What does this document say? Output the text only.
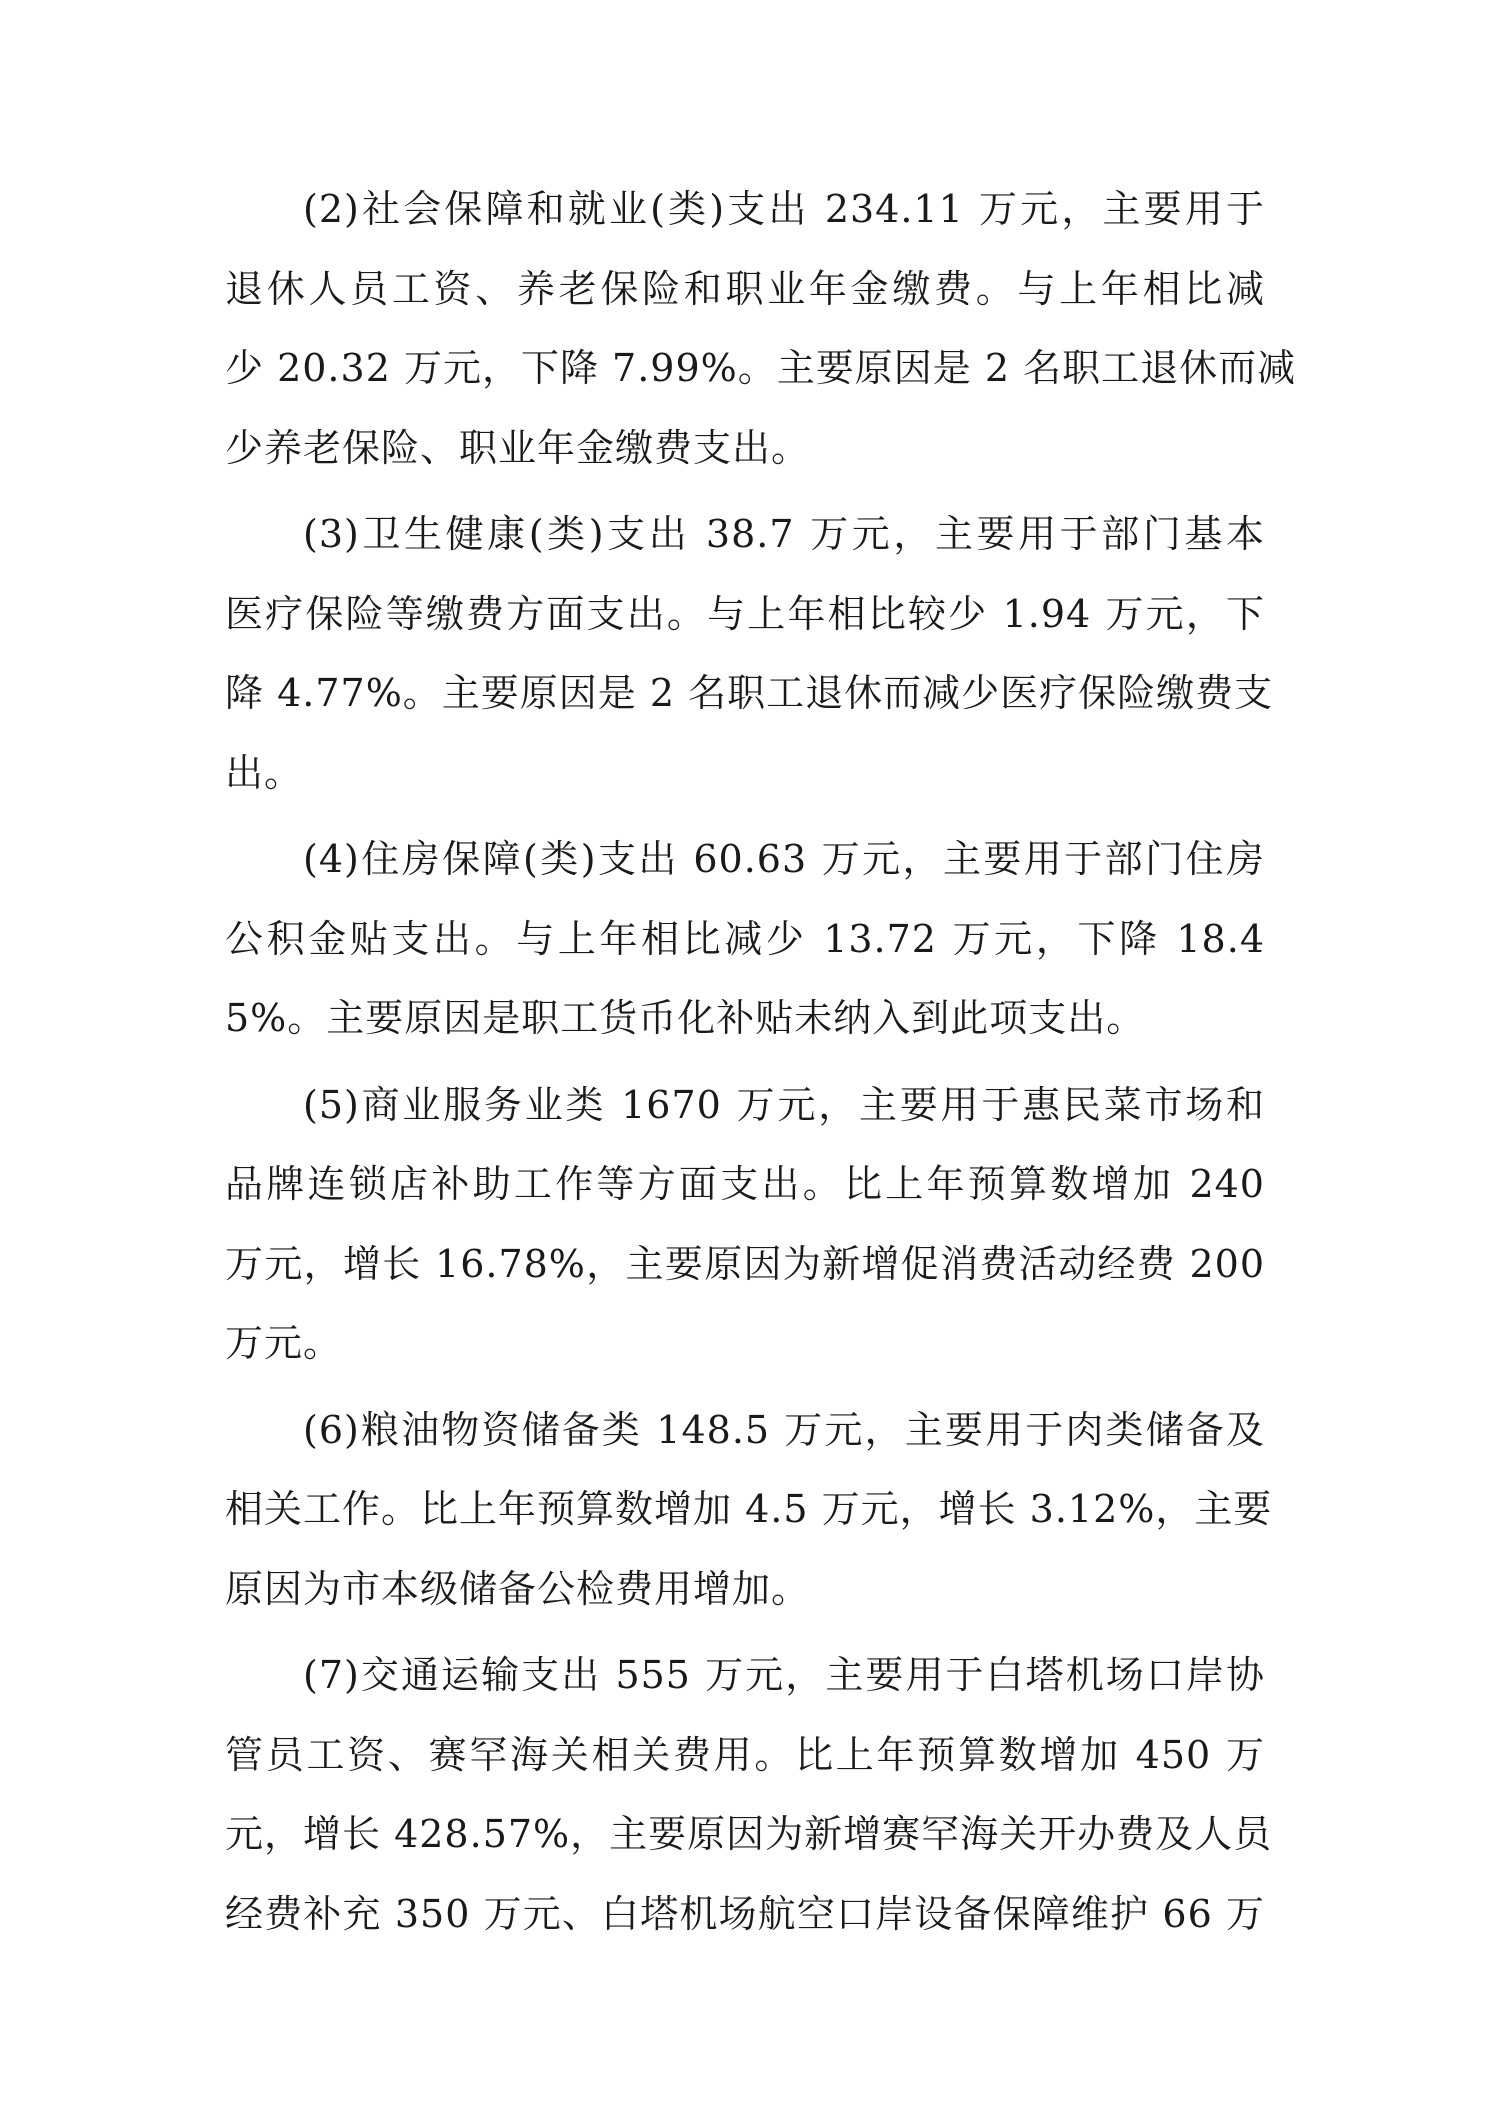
(2)社会保障和就业(类)支出 234.11 万元，主要用于
退休人员工资、养老保险和职业年金缴费。与上年相比减
少 20.32 万元，下降 7.99%。主要原因是 2 名职工退休而减
少养老保险、职业年金缴费支出。

(3)卫生健康(类)支出 38.7 万元，主要用于部门基本
医疗保险等缴费方面支出。与上年相比较少 1.94 万元，下
降 4.77%。主要原因是 2 名职工退休而减少医疗保险缴费支
出。

(4)住房保障(类)支出 60.63 万元，主要用于部门住房
公积金贴支出。与上年相比减少 13.72 万元，下降 18.4
5%。主要原因是职工货币化补贴未纳入到此项支出。

(5)商业服务业类 1670 万元，主要用于惠民菜市场和
品牌连锁店补助工作等方面支出。比上年预算数增加 240
万元，增长 16.78%，主要原因为新增促消费活动经费 200
万元。

(6)粮油物资储备类 148.5 万元，主要用于肉类储备及
相关工作。比上年预算数增加 4.5 万元，增长 3.12%，主要
原因为市本级储备公检费用增加。

(7)交通运输支出 555 万元，主要用于白塔机场口岸协
管员工资、赛罕海关相关费用。比上年预算数增加 450 万
元，增长 428.57%，主要原因为新增赛罕海关开办费及人员
经费补充 350 万元、白塔机场航空口岸设备保障维护 66 万
